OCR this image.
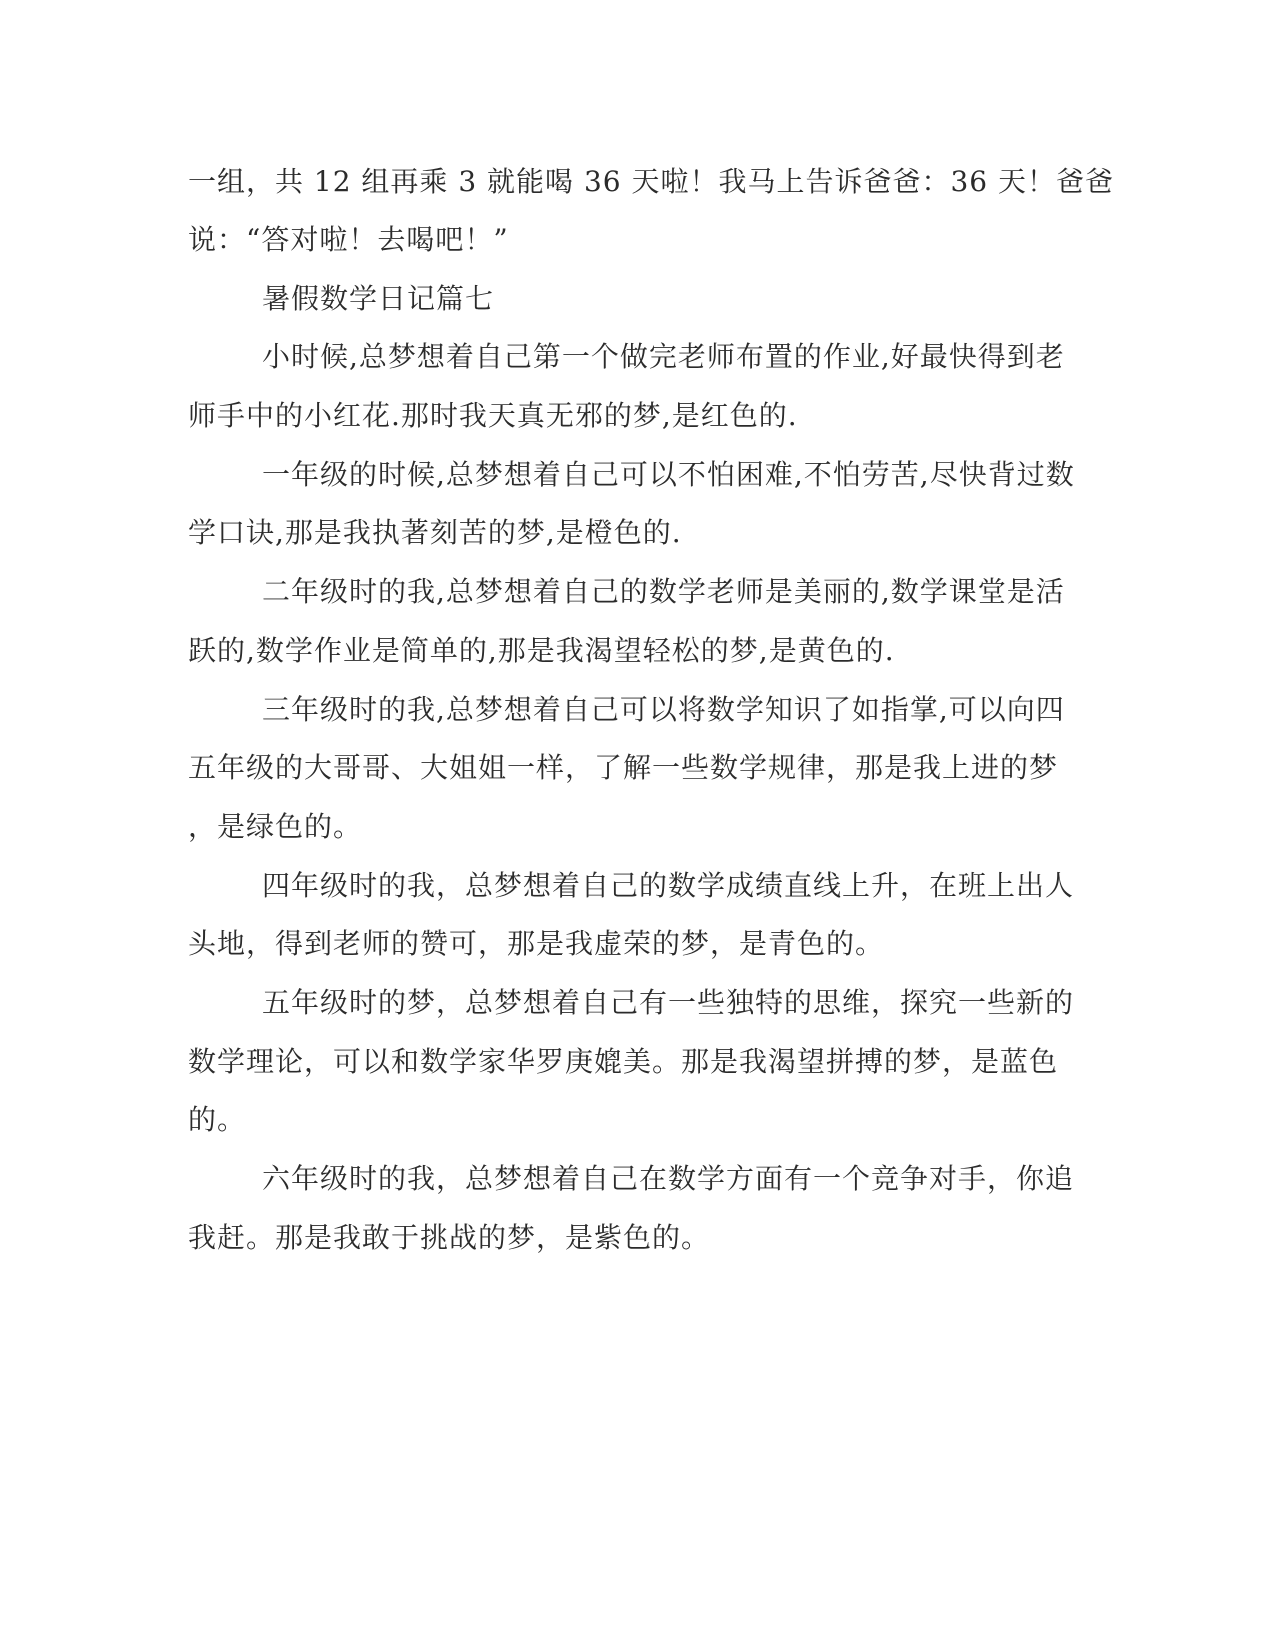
一组，共 12 组再乘 3 就能喝 36 天啦！我马上告诉爸爸：36 天！爸爸
说：“答对啦！去喝吧！”
暑假数学日记篇七
小时候,总梦想着自己第一个做完老师布置的作业,好最快得到老
师手中的小红花.那时我天真无邪的梦,是红色的.
一年级的时候,总梦想着自己可以不怕困难,不怕劳苦,尽快背过数
学口诀,那是我执著刻苦的梦,是橙色的.
二年级时的我,总梦想着自己的数学老师是美丽的,数学课堂是活
跃的,数学作业是简单的,那是我渴望轻松的梦,是黄色的.
三年级时的我,总梦想着自己可以将数学知识了如指掌,可以向四
五年级的大哥哥、大姐姐一样，了解一些数学规律，那是我上进的梦
，是绿色的。
四年级时的我，总梦想着自己的数学成绩直线上升，在班上出人
头地，得到老师的赞可，那是我虚荣的梦，是青色的。
五年级时的梦，总梦想着自己有一些独特的思维，探究一些新的
数学理论，可以和数学家华罗庚媲美。那是我渴望拼搏的梦，是蓝色
的。
六年级时的我，总梦想着自己在数学方面有一个竞争对手，你追
我赶。那是我敢于挑战的梦，是紫色的。
